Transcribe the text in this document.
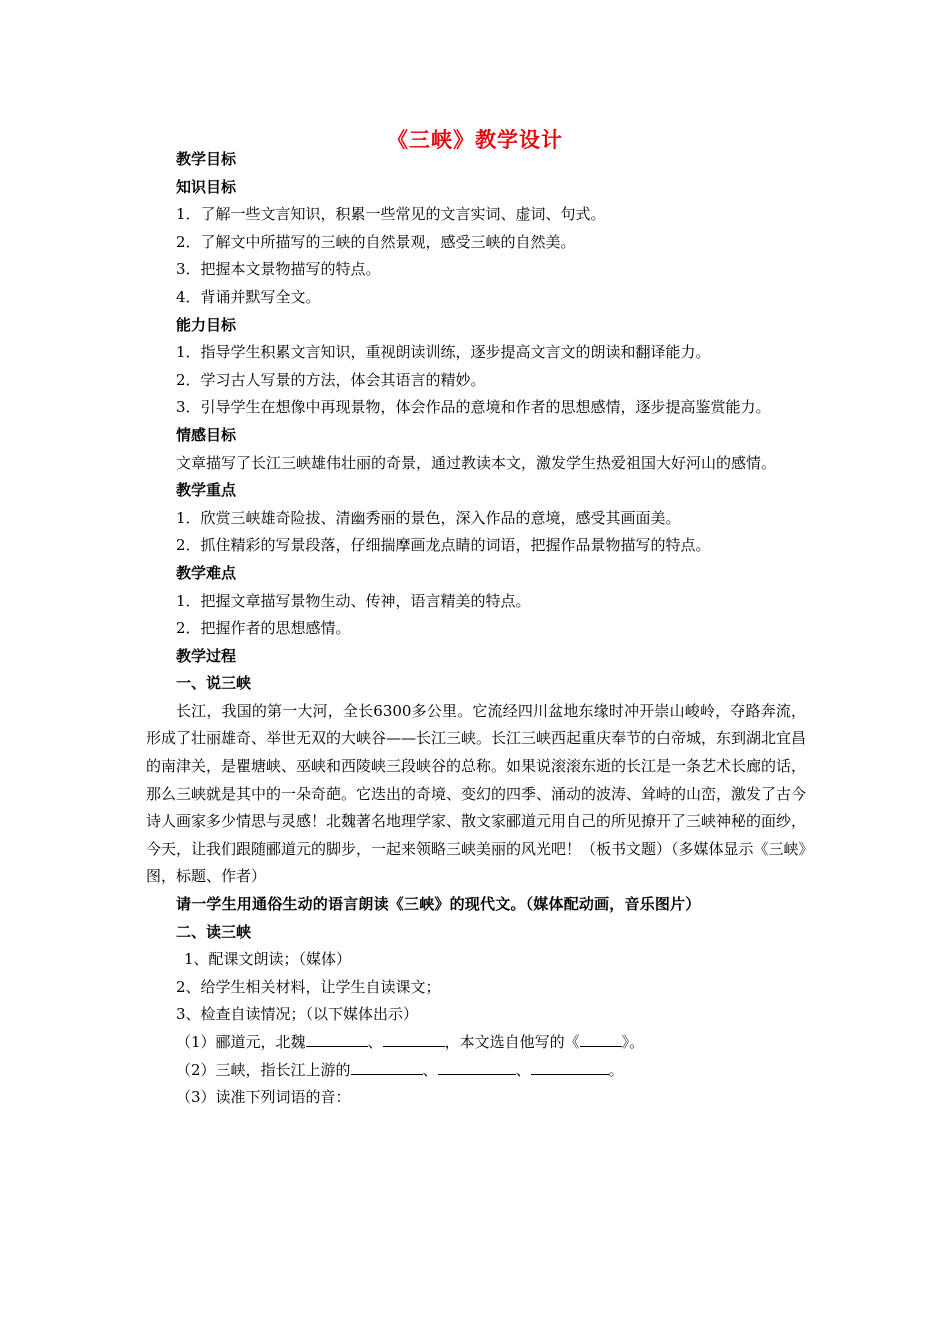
《三峡》教学设计

教学目标

知识目标

1．了解一些文言知识，积累一些常见的文言实词、虚词、句式。

2．了解文中所描写的三峡的自然景观，感受三峡的自然美。

3．把握本文景物描写的特点。

4．背诵并默写全文。

能力目标

1．指导学生积累文言知识，重视朗读训练，逐步提高文言文的朗读和翻译能力。

2．学习古人写景的方法，体会其语言的精妙。

3．引导学生在想像中再现景物，体会作品的意境和作者的思想感情，逐步提高鉴赏能力。

情感目标

文章描写了长江三峡雄伟壮丽的奇景，通过教读本文，激发学生热爱祖国大好河山的感情。

教学重点

1．欣赏三峡雄奇险拔、清幽秀丽的景色，深入作品的意境，感受其画面美。

2．抓住精彩的写景段落，仔细揣摩画龙点睛的词语，把握作品景物描写的特点。

教学难点

1．把握文章描写景物生动、传神，语言精美的特点。

2．把握作者的思想感情。

教学过程

一、说三峡

长江，我国的第一大河，全长6300多公里。它流经四川盆地东缘时冲开崇山峻岭，夺路奔流，形成了壮丽雄奇、举世无双的大峡谷——长江三峡。长江三峡西起重庆奉节的白帝城，东到湖北宜昌的南津关，是瞿塘峡、巫峡和西陵峡三段峡谷的总称。如果说滚滚东逝的长江是一条艺术长廊的话，那么三峡就是其中的一朵奇葩。它迭出的奇境、变幻的四季、涌动的波涛、耸峙的山峦，激发了古今诗人画家多少情思与灵感！北魏著名地理学家、散文家郦道元用自己的所见撩开了三峡神秘的面纱，今天，让我们跟随郦道元的脚步，一起来领略三峡美丽的风光吧！（板书文题）（多媒体显示《三峡》图，标题、作者）

请一学生用通俗生动的语言朗读《三峡》的现代文。（媒体配动画，音乐图片）

二、读三峡

1、配课文朗读；（媒体）

2、给学生相关材料，让学生自读课文；

3、检查自读情况；（以下媒体出示）

（1）郦道元，北魏	、	，本文选自他写的《	》。

（2）三峡，指长江上游的	、	、	。

（3）读准下列词语的音：
